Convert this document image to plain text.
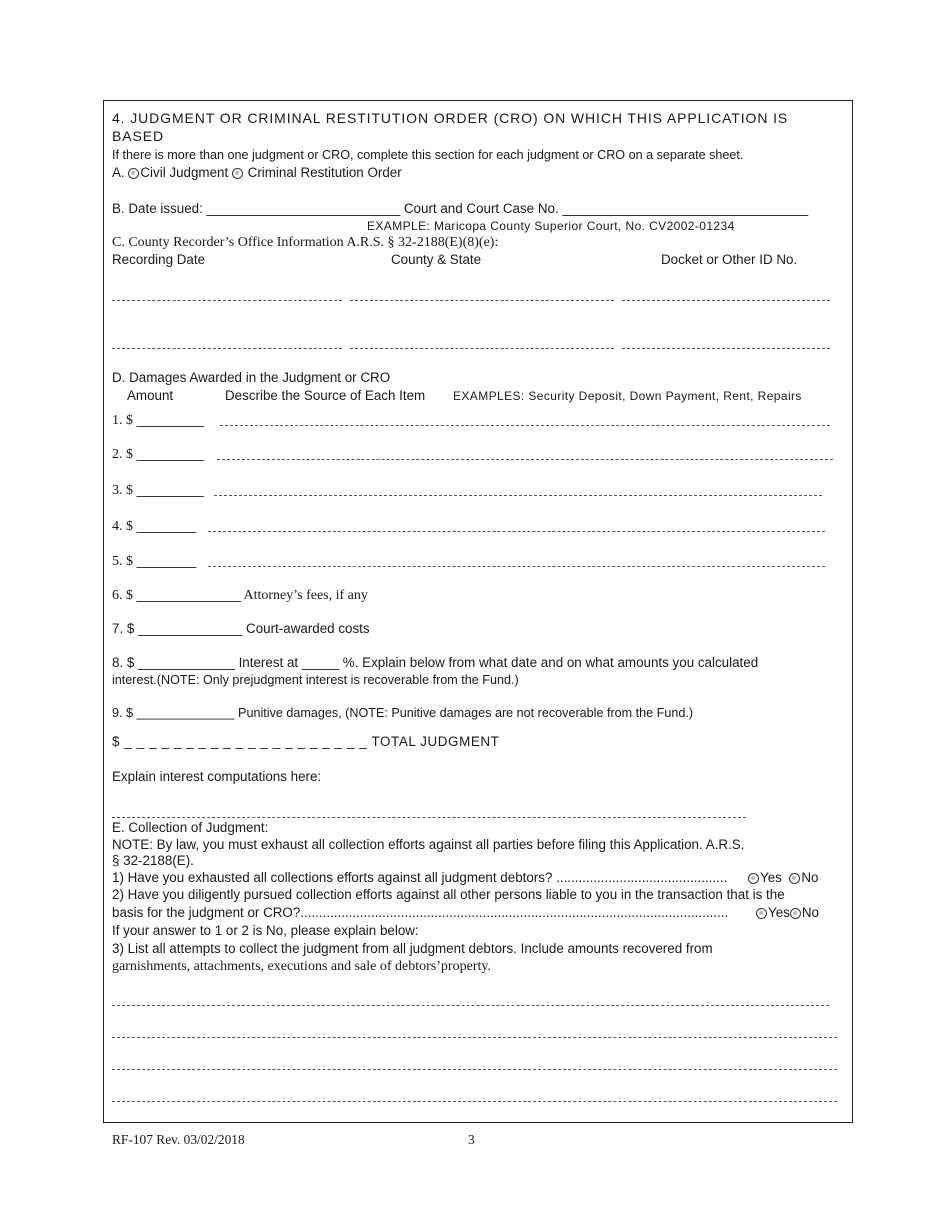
4. JUDGMENT OR CRIMINAL RESTITUTION ORDER (CRO) ON WHICH THIS APPLICATION IS
BASED
If there is more than one judgment or CRO, complete this section for each judgment or CRO on a separate sheet.
A. Civil Judgment  Criminal Restitution Order
B. Date issued: __________________________ Court and Court Case No. _________________________________
EXAMPLE: Maricopa County Superior Court, No. CV2002-01234
C. County Recorder’s Office Information A.R.S. § 32-2188(E)(8)(e):
Recording Date	County & State	Docket or Other ID No.
D. Damages Awarded in the Judgment or CRO
Amount	Describe the Source of Each Item EXAMPLES: Security Deposit, Down Payment, Rent, Repairs
1. $ _________
2. $ _________
3. $ _________
4. $ ________
5. $ ________
6. $ ______________ Attorney’s fees, if any
7. $ ______________ Court-awarded costs
8. $ _____________ Interest at _____ %. Explain below from what date and on what amounts you calculated
interest.(NOTE: Only prejudgment interest is recoverable from the Fund.)
9. $ ______________ Punitive damages, (NOTE: Punitive damages are not recoverable from the Fund.)
$ _ _ _ _ _ _ _ _ _ _ _ _ _ _ _ _ _ _ _ _ TOTAL JUDGMENT
Explain interest computations here:
E. Collection of Judgment:
NOTE: By law, you must exhaust all collection efforts against all parties before filing this Application. A.R.S.
§ 32-2188(E).
1) Have you exhausted all collections efforts against all judgment debtors? ..............................................	Yes No
2) Have you diligently pursued collection efforts against all other persons liable to you in the transaction that is the
basis for the judgment or CRO?...................................................................................................................	Yes No
If your answer to 1 or 2 is No, please explain below:
3) List all attempts to collect the judgment from all judgment debtors. Include amounts recovered from
garnishments, attachments, executions and sale of debtors’property.
RF-107 Rev. 03/02/2018	3
